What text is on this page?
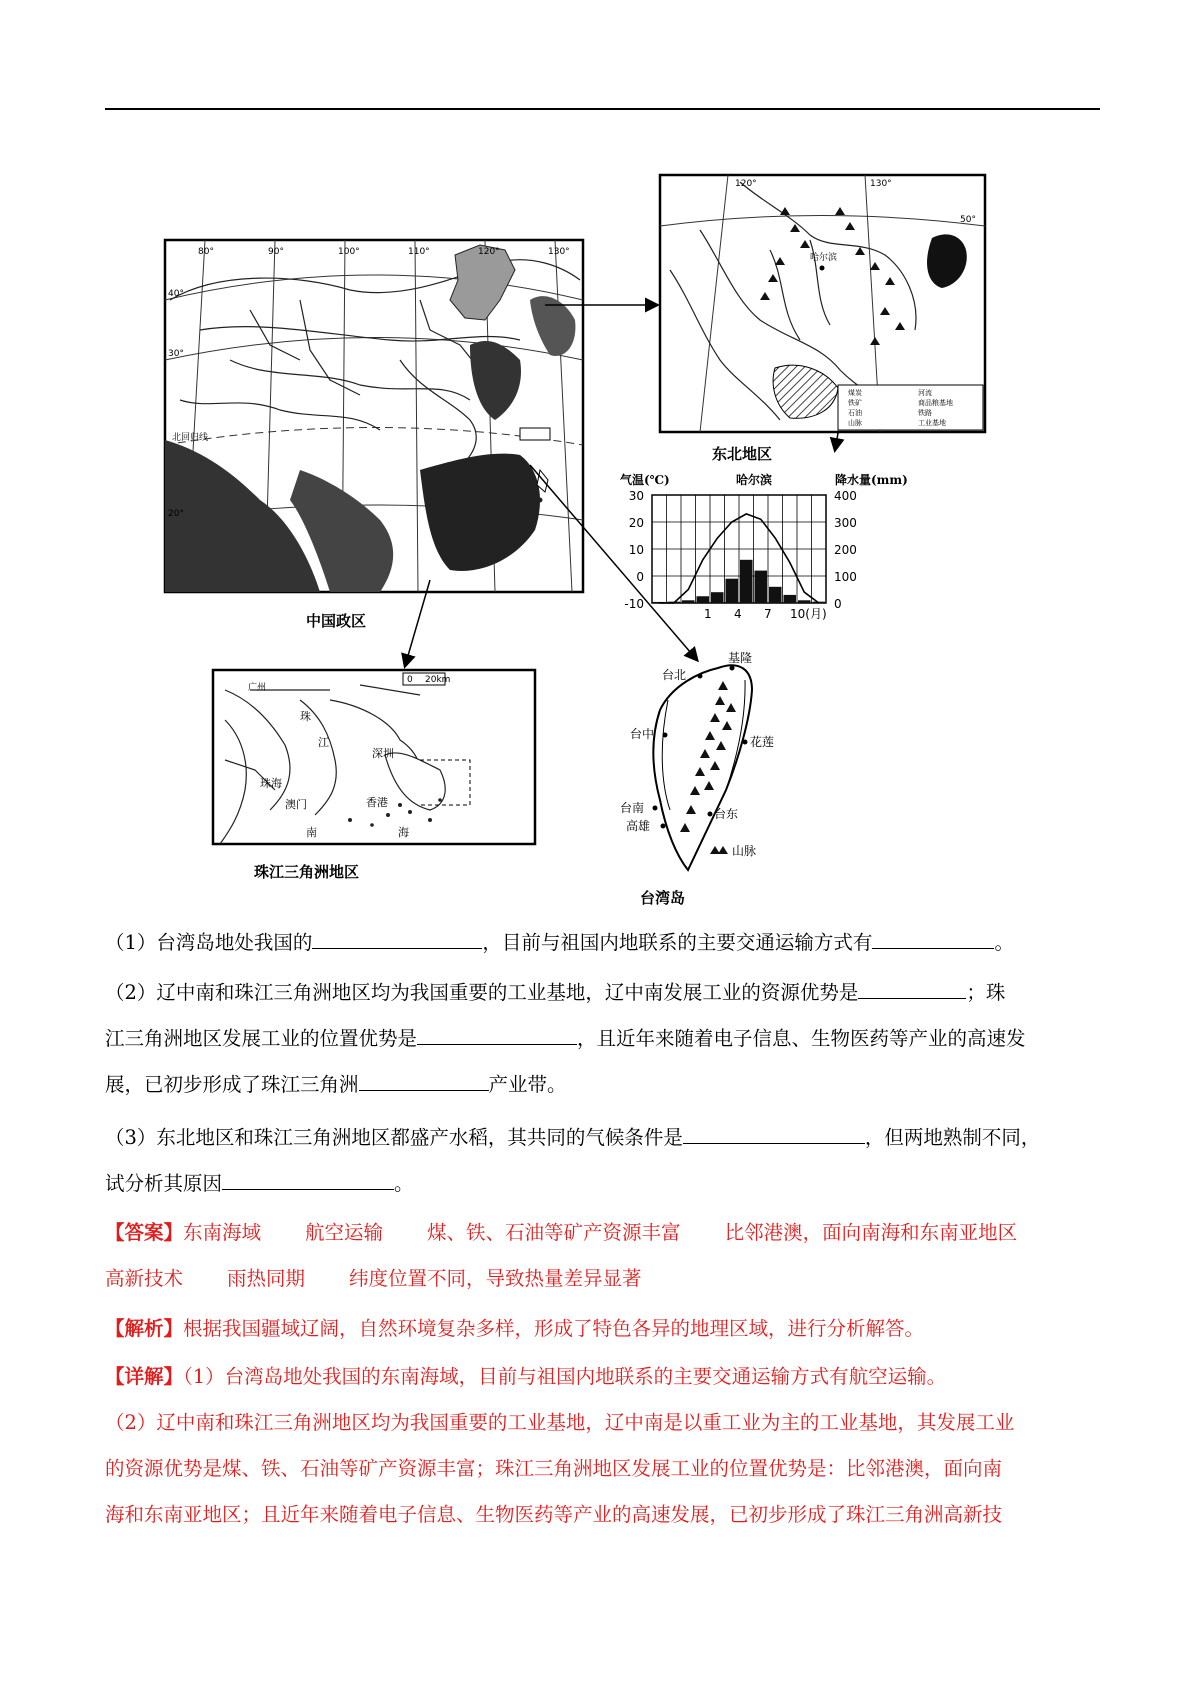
80°	90°	100°	110°	120°	130°
40°
30°
20°
北回归线
中国政区
120°	130°
50°
哈尔滨
煤炭
铁矿
石油
山脉
河流
商品粮基地
铁路
工业基地
东北地区
气温(℃)	哈尔滨	降水量(mm)
30
20
10
0
-10
400
300
200
100
0
1 4 7 10(月)
0 20km
广州
珠
江
深圳
珠海
澳门	香港
南	海
珠江三角洲地区
台北
基隆
台中
花莲
台南
高雄
台东
山脉
台湾岛
（1）台湾岛地处我国的	，目前与祖国内地联系的主要交通运输方式有	。
（2）辽中南和珠江三角洲地区均为我国重要的工业基地，辽中南发展工业的资源优势是	；珠
江三角洲地区发展工业的位置优势是	，且近年来随着电子信息、生物医药等产业的高速发
展，已初步形成了珠江三角洲	产业带。
（3）东北地区和珠江三角洲地区都盛产水稻，其共同的气候条件是	，但两地熟制不同，
试分析其原因	。
【答案】东南海域 航空运输 煤、铁、石油等矿产资源丰富 比邻港澳，面向南海和东南亚地区
高新技术 雨热同期 纬度位置不同，导致热量差异显著
【解析】根据我国疆域辽阔，自然环境复杂多样，形成了特色各异的地理区域，进行分析解答。
【详解】（1）台湾岛地处我国的东南海域，目前与祖国内地联系的主要交通运输方式有航空运输。
（2）辽中南和珠江三角洲地区均为我国重要的工业基地，辽中南是以重工业为主的工业基地，其发展工业
的资源优势是煤、铁、石油等矿产资源丰富；珠江三角洲地区发展工业的位置优势是：比邻港澳，面向南
海和东南亚地区；且近年来随着电子信息、生物医药等产业的高速发展，已初步形成了珠江三角洲高新技
